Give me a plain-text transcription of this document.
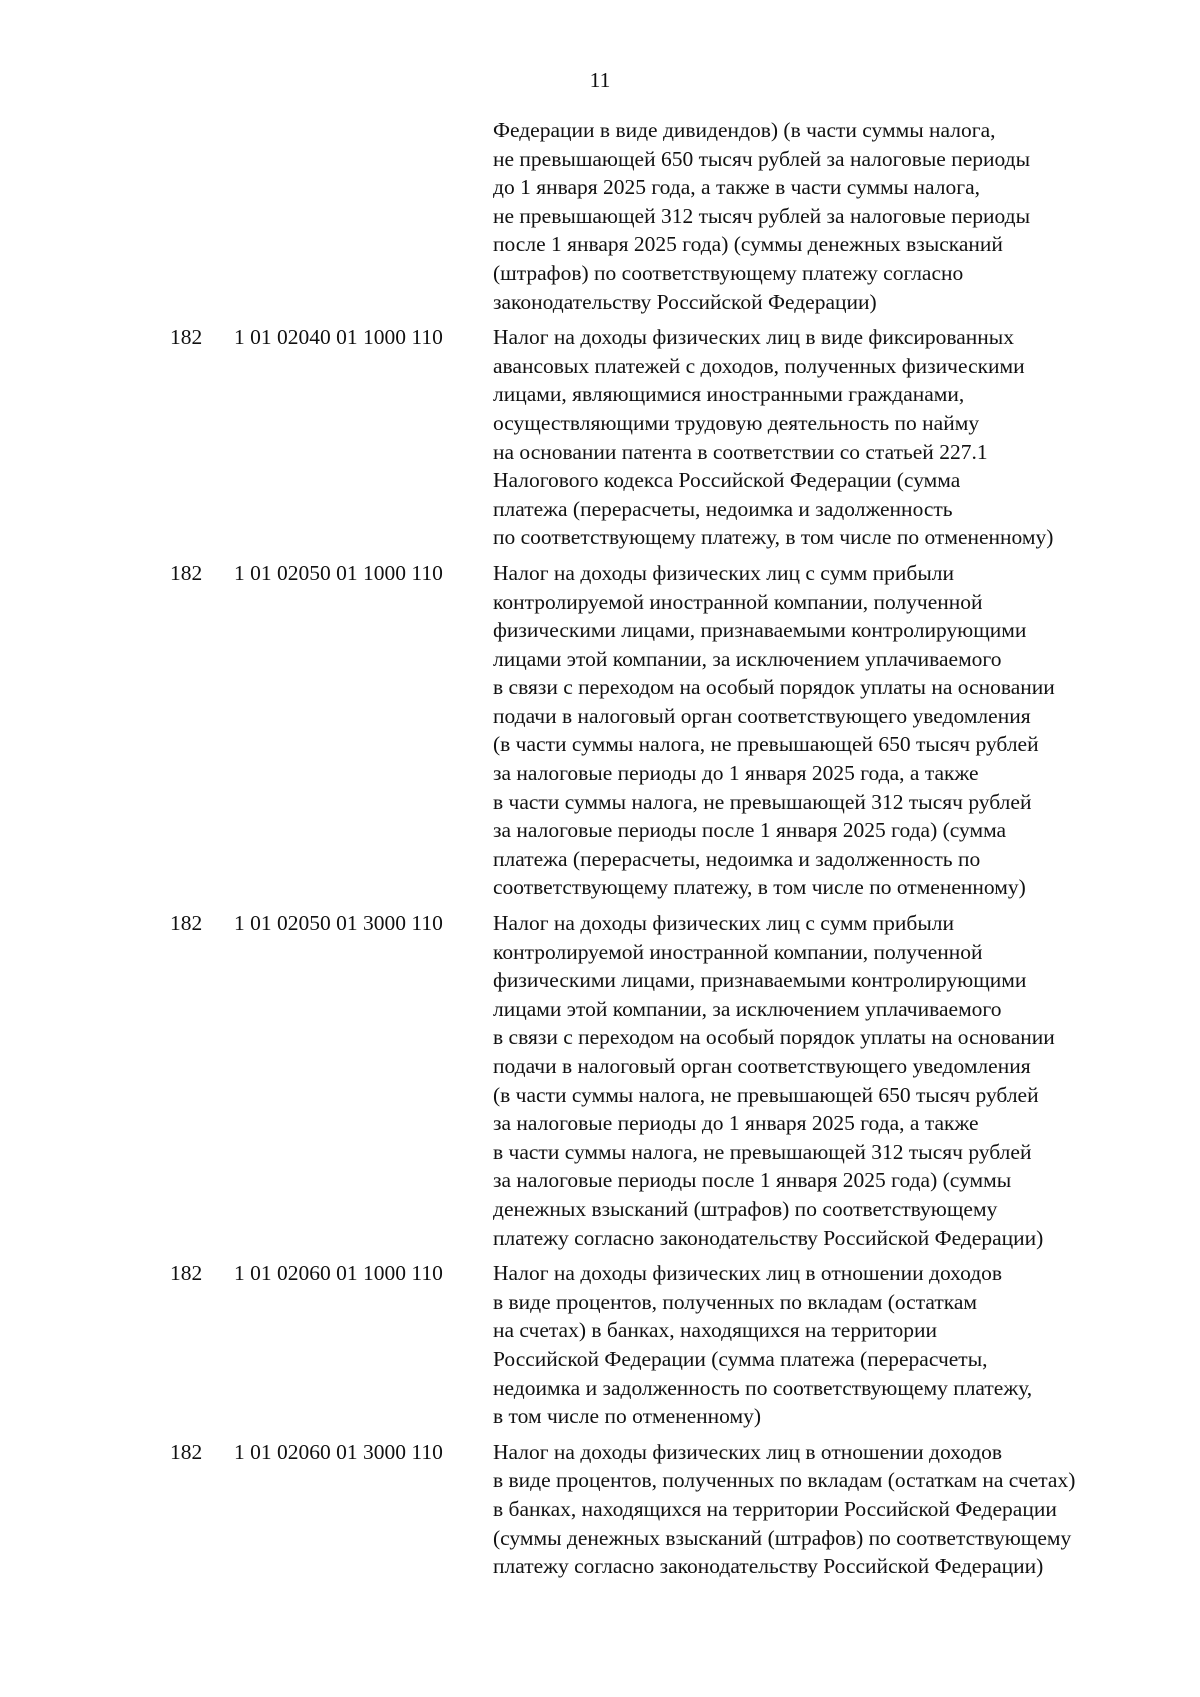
11
Федерации в виде дивидендов) (в части суммы налога,
не превышающей 650 тысяч рублей за налоговые периоды
до 1 января 2025 года, а также в части суммы налога,
не превышающей 312 тысяч рублей за налоговые периоды
после 1 января 2025 года) (суммы денежных взысканий
(штрафов) по соответствующему платежу согласно
законодательству Российской Федерации)
182	1 01 02040 01 1000 110	Налог на доходы физических лиц в виде фиксированных
авансовых платежей с доходов, полученных физическими
лицами, являющимися иностранными гражданами,
осуществляющими трудовую деятельность по найму
на основании патента в соответствии со статьей 227.1
Налогового кодекса Российской Федерации (сумма
платежа (перерасчеты, недоимка и задолженность
по соответствующему платежу, в том числе по отмененному)
182	1 01 02050 01 1000 110	Налог на доходы физических лиц с сумм прибыли
контролируемой иностранной компании, полученной
физическими лицами, признаваемыми контролирующими
лицами этой компании, за исключением уплачиваемого
в связи с переходом на особый порядок уплаты на основании
подачи в налоговый орган соответствующего уведомления
(в части суммы налога, не превышающей 650 тысяч рублей
за налоговые периоды до 1 января 2025 года, а также
в части суммы налога, не превышающей 312 тысяч рублей
за налоговые периоды после 1 января 2025 года) (сумма
платежа (перерасчеты, недоимка и задолженность по
соответствующему платежу, в том числе по отмененному)
182	1 01 02050 01 3000 110	Налог на доходы физических лиц с сумм прибыли
контролируемой иностранной компании, полученной
физическими лицами, признаваемыми контролирующими
лицами этой компании, за исключением уплачиваемого
в связи с переходом на особый порядок уплаты на основании
подачи в налоговый орган соответствующего уведомления
(в части суммы налога, не превышающей 650 тысяч рублей
за налоговые периоды до 1 января 2025 года, а также
в части суммы налога, не превышающей 312 тысяч рублей
за налоговые периоды после 1 января 2025 года) (суммы
денежных взысканий (штрафов) по соответствующему
платежу согласно законодательству Российской Федерации)
182	1 01 02060 01 1000 110	Налог на доходы физических лиц в отношении доходов
в виде процентов, полученных по вкладам (остаткам
на счетах) в банках, находящихся на территории
Российской Федерации (сумма платежа (перерасчеты,
недоимка и задолженность по соответствующему платежу,
в том числе по отмененному)
182	1 01 02060 01 3000 110	Налог на доходы физических лиц в отношении доходов
в виде процентов, полученных по вкладам (остаткам на счетах)
в банках, находящихся на территории Российской Федерации
(суммы денежных взысканий (штрафов) по соответствующему
платежу согласно законодательству Российской Федерации)
